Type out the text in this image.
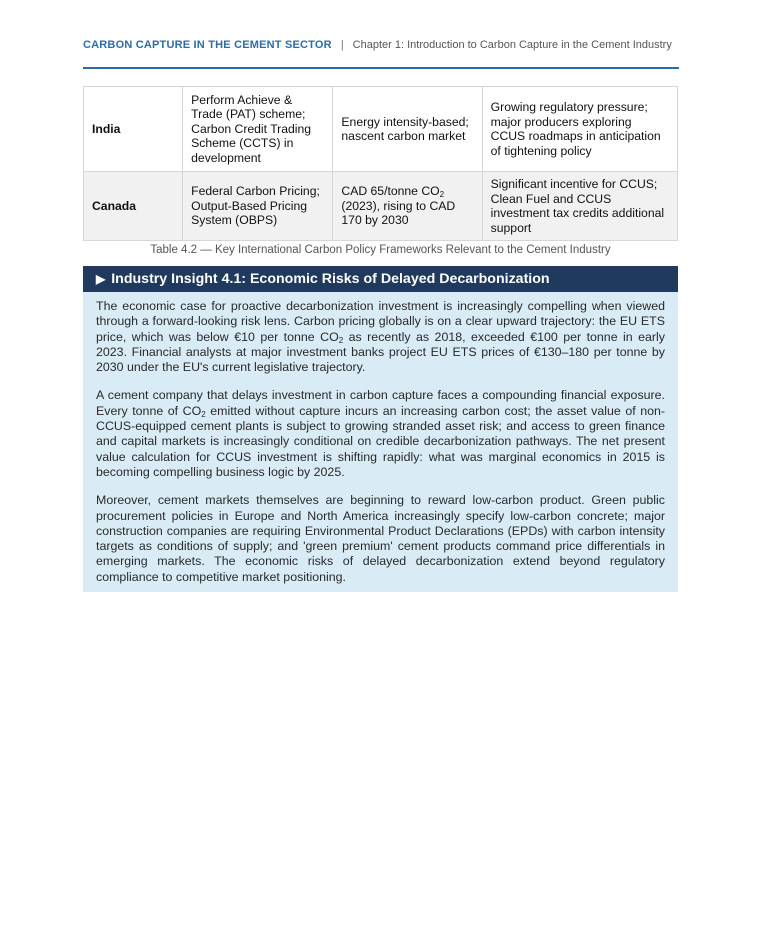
CARBON CAPTURE IN THE CEMENT SECTOR | Chapter 1: Introduction to Carbon Capture in the Cement Industry
India	Perform Achieve & Trade (PAT) scheme; Carbon Credit Trading Scheme (CCTS) in development	Energy intensity-based; nascent carbon market	Growing regulatory pressure; major producers exploring CCUS roadmaps in anticipation of tightening policy
Canada	Federal Carbon Pricing; Output-Based Pricing System (OBPS)	CAD 65/tonne $CO_2$ (2023), rising to CAD 170 by 2030	Significant incentive for CCUS; Clean Fuel and CCUS investment tax credits additional support
Table 4.2 — Key International Carbon Policy Frameworks Relevant to the Cement Industry
▶ Industry Insight 4.1: Economic Risks of Delayed Decarbonization

The economic case for proactive decarbonization investment is increasingly compelling when viewed through a forward-looking risk lens. Carbon pricing globally is on a clear upward trajectory: the EU ETS price, which was below €10 per tonne $CO_2$ as recently as 2018, exceeded €100 per tonne in early 2023. Financial analysts at major investment banks project EU ETS prices of €130–180 per tonne by 2030 under the EU's current legislative trajectory.

A cement company that delays investment in carbon capture faces a compounding financial exposure. Every tonne of $CO_2$ emitted without capture incurs an increasing carbon cost; the asset value of non-CCUS-equipped cement plants is subject to growing stranded asset risk; and access to green finance and capital markets is increasingly conditional on credible decarbonization pathways. The net present value calculation for CCUS investment is shifting rapidly: what was marginal economics in 2015 is becoming compelling business logic by 2025.

Moreover, cement markets themselves are beginning to reward low-carbon product. Green public procurement policies in Europe and North America increasingly specify low-carbon concrete; major construction companies are requiring Environmental Product Declarations (EPDs) with carbon intensity targets as conditions of supply; and 'green premium' cement products command price differentials in emerging markets. The economic risks of delayed decarbonization extend beyond regulatory compliance to competitive market positioning.
